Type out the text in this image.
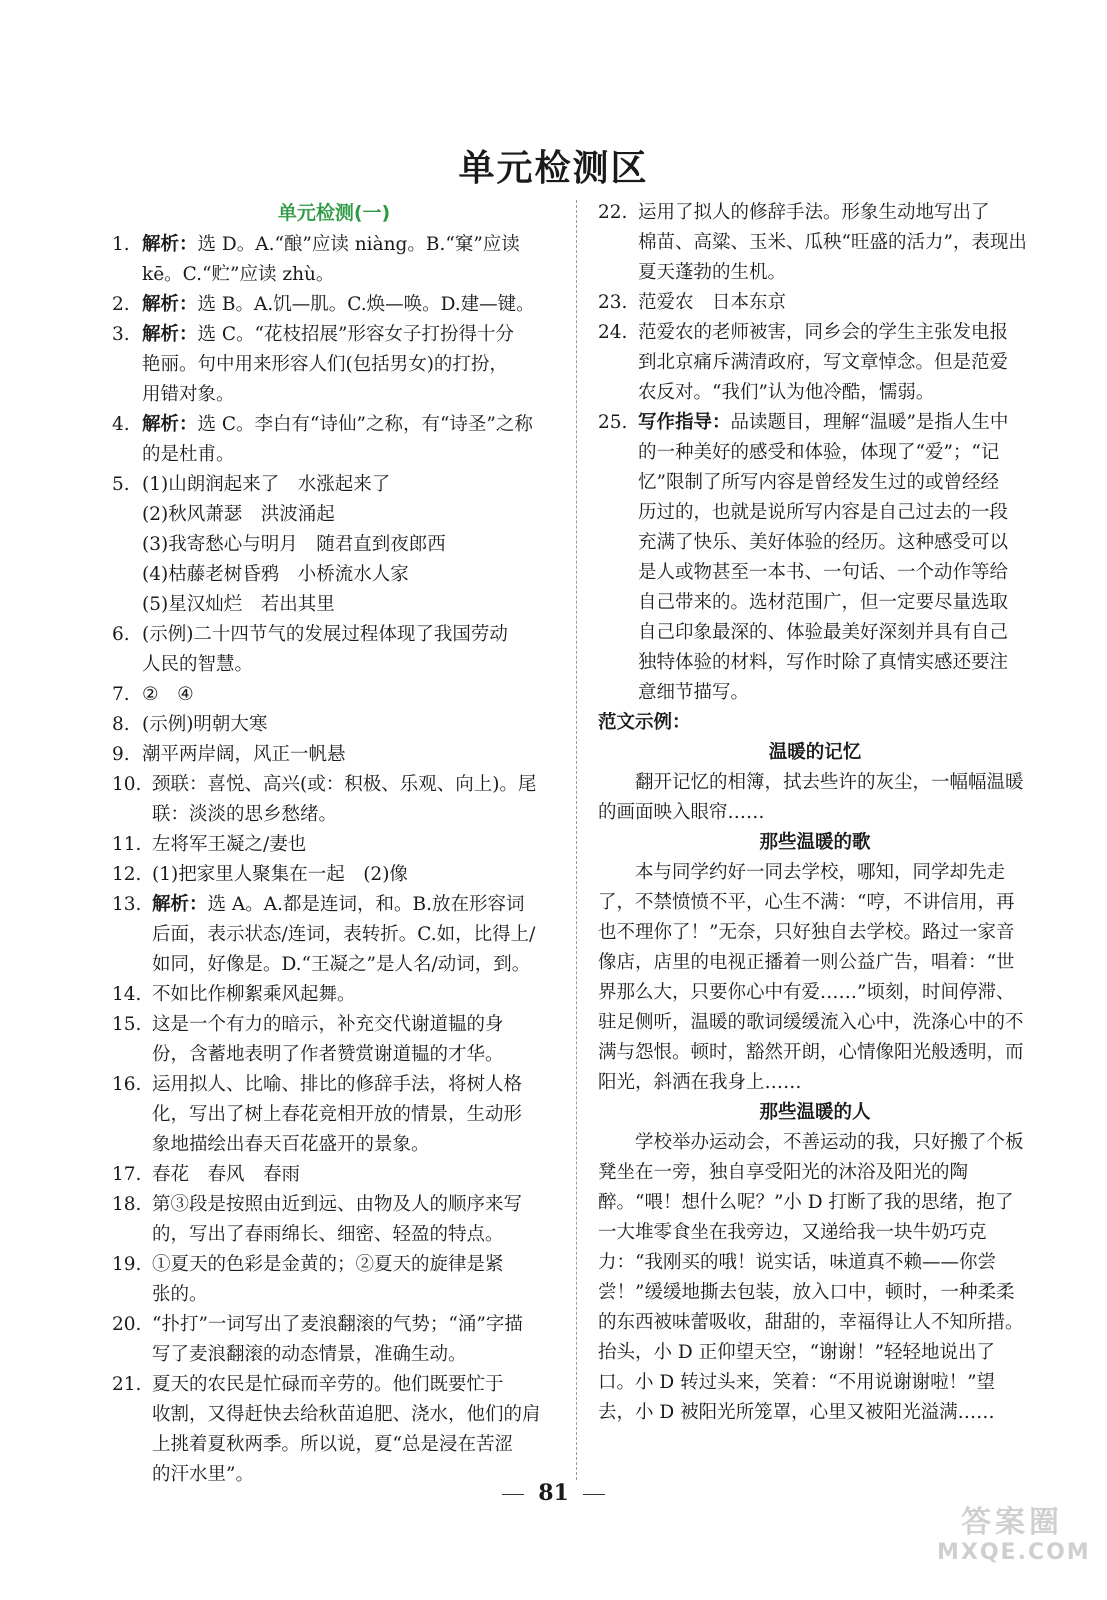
单元检测区
单元检测(一)
1. 解析：选 D。A.“酿”应读 niàng。B.“窠”应读
kē。C.“贮”应读 zhù。
2. 解析：选 B。A.饥—肌。C.焕—唤。D.建—键。
3. 解析：选 C。“花枝招展”形容女子打扮得十分
艳丽。句中用来形容人们(包括男女)的打扮，
用错对象。
4. 解析：选 C。李白有“诗仙”之称，有“诗圣”之称
的是杜甫。
5. (1)山朗润起来了　水涨起来了
(2)秋风萧瑟　洪波涌起
(3)我寄愁心与明月　随君直到夜郎西
(4)枯藤老树昏鸦　小桥流水人家
(5)星汉灿烂　若出其里
6. (示例)二十四节气的发展过程体现了我国劳动
人民的智慧。
7. ②　④
8. (示例)明朝大寒
9. 潮平两岸阔，风正一帆悬
10. 颈联：喜悦、高兴(或：积极、乐观、向上)。尾
联：淡淡的思乡愁绪。
11. 左将军王凝之/妻也
12. (1)把家里人聚集在一起　(2)像
13. 解析：选 A。A.都是连词，和。B.放在形容词
后面，表示状态/连词，表转折。C.如，比得上/
如同，好像是。D.“王凝之”是人名/动词，到。
14. 不如比作柳絮乘风起舞。
15. 这是一个有力的暗示，补充交代谢道韫的身
份，含蓄地表明了作者赞赏谢道韫的才华。
16. 运用拟人、比喻、排比的修辞手法，将树人格
化，写出了树上春花竞相开放的情景，生动形
象地描绘出春天百花盛开的景象。
17. 春花　春风　春雨
18. 第③段是按照由近到远、由物及人的顺序来写
的，写出了春雨绵长、细密、轻盈的特点。
19. ①夏天的色彩是金黄的；②夏天的旋律是紧
张的。
20. “扑打”一词写出了麦浪翻滚的气势；“涌”字描
写了麦浪翻滚的动态情景，准确生动。
21. 夏天的农民是忙碌而辛劳的。他们既要忙于
收割，又得赶快去给秋苗追肥、浇水，他们的肩
上挑着夏秋两季。所以说，夏“总是浸在苦涩
的汗水里”。
22. 运用了拟人的修辞手法。形象生动地写出了
棉苗、高粱、玉米、瓜秧“旺盛的活力”，表现出
夏天蓬勃的生机。
23. 范爱农　日本东京
24. 范爱农的老师被害，同乡会的学生主张发电报
到北京痛斥满清政府，写文章悼念。但是范爱
农反对。“我们”认为他冷酷，懦弱。
25. 写作指导：品读题目，理解“温暖”是指人生中
的一种美好的感受和体验，体现了“爱”；“记
忆”限制了所写内容是曾经发生过的或曾经经
历过的，也就是说所写内容是自己过去的一段
充满了快乐、美好体验的经历。这种感受可以
是人或物甚至一本书、一句话、一个动作等给
自己带来的。选材范围广，但一定要尽量选取
自己印象最深的、体验最美好深刻并具有自己
独特体验的材料，写作时除了真情实感还要注
意细节描写。
范文示例：
温暖的记忆
翻开记忆的相簿，拭去些许的灰尘，一幅幅温暖的画面映入眼帘……
那些温暖的歌
本与同学约好一同去学校，哪知，同学却先走了，不禁愤愤不平，心生不满：“哼，不讲信用，再也不理你了！”无奈，只好独自去学校。路过一家音像店，店里的电视正播着一则公益广告，唱着：“世界那么大，只要你心中有爱……”顷刻，时间停滞、驻足侧听，温暖的歌词缓缓流入心中，洗涤心中的不满与怨恨。顿时，豁然开朗，心情像阳光般透明，而阳光，斜洒在我身上……
那些温暖的人
学校举办运动会，不善运动的我，只好搬了个板凳坐在一旁，独自享受阳光的沐浴及阳光的陶醉。“喂！想什么呢？”小 D 打断了我的思绪，抱了一大堆零食坐在我旁边，又递给我一块牛奶巧克力：“我刚买的哦！说实话，味道真不赖——你尝尝！”缓缓地撕去包装，放入口中，顿时，一种柔柔的东西被味蕾吸收，甜甜的，幸福得让人不知所措。抬头，小 D 正仰望天空，“谢谢！”轻轻地说出了口。小 D 转过头来，笑着：“不用说谢谢啦！”望去，小 D 被阳光所笼罩，心里又被阳光溢满……
81
答案圈
MXQE.COM
